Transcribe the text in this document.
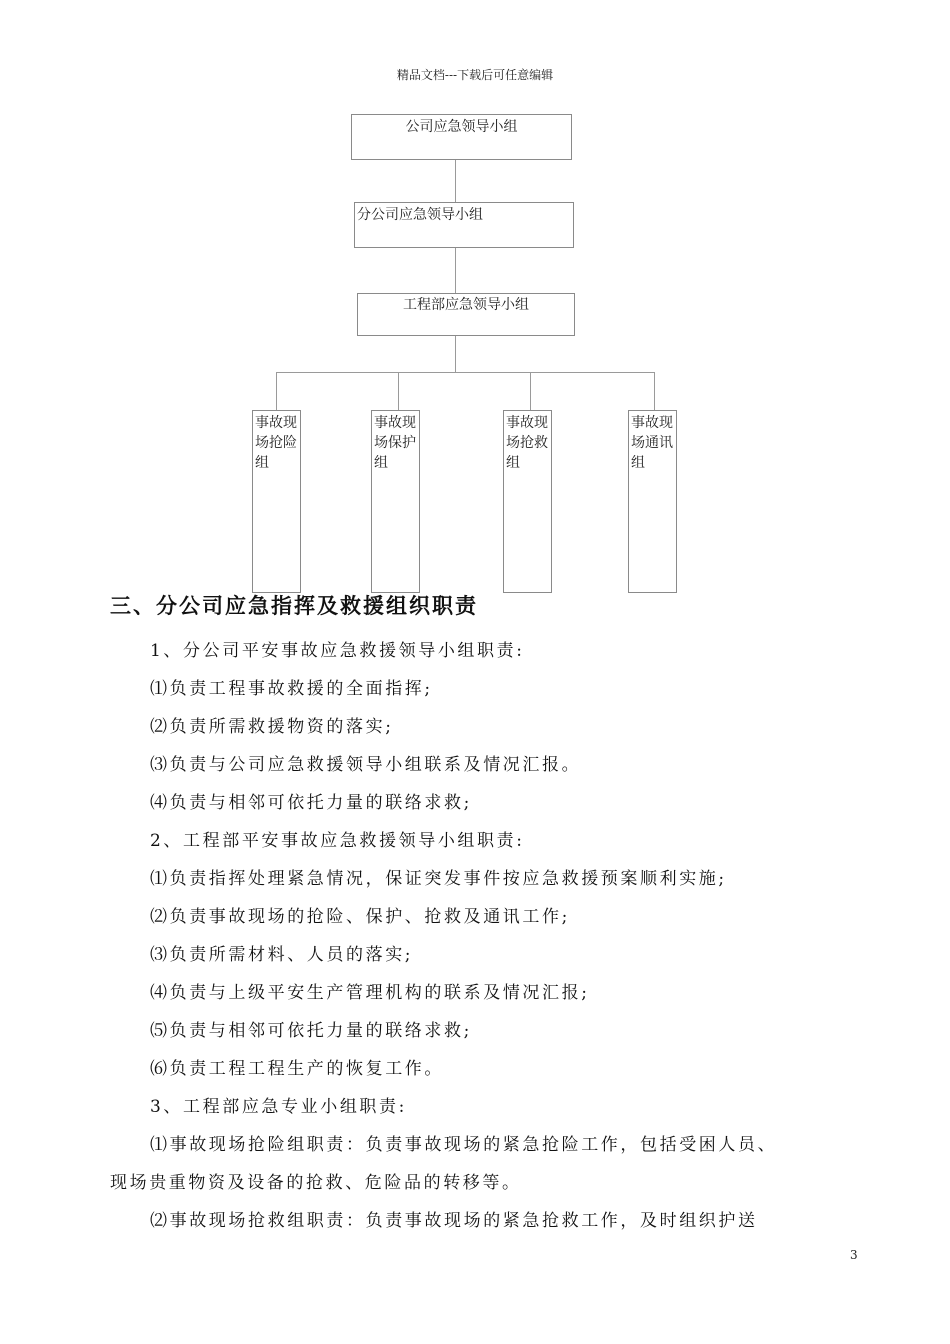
精品文档---下载后可任意编辑
公司应急领导小组
分公司应急领导小组
工程部应急领导小组
事故现场抢险组
事故现场保护组
事故现场抢救组
事故现场通讯组
三、分公司应急指挥及救援组织职责
1、分公司平安事故应急救援领导小组职责:
⑴负责工程事故救援的全面指挥;
⑵负责所需救援物资的落实;
⑶负责与公司应急救援领导小组联系及情况汇报。
⑷负责与相邻可依托力量的联络求救;
2、工程部平安事故应急救援领导小组职责:
⑴负责指挥处理紧急情况，保证突发事件按应急救援预案顺利实施;
⑵负责事故现场的抢险、保护、抢救及通讯工作;
⑶负责所需材料、人员的落实;
⑷负责与上级平安生产管理机构的联系及情况汇报;
⑸负责与相邻可依托力量的联络求救;
⑹负责工程工程生产的恢复工作。
3、工程部应急专业小组职责:
⑴事故现场抢险组职责：负责事故现场的紧急抢险工作，包括受困人员、
现场贵重物资及设备的抢救、危险品的转移等。
⑵事故现场抢救组职责：负责事故现场的紧急抢救工作，及时组织护送
3
